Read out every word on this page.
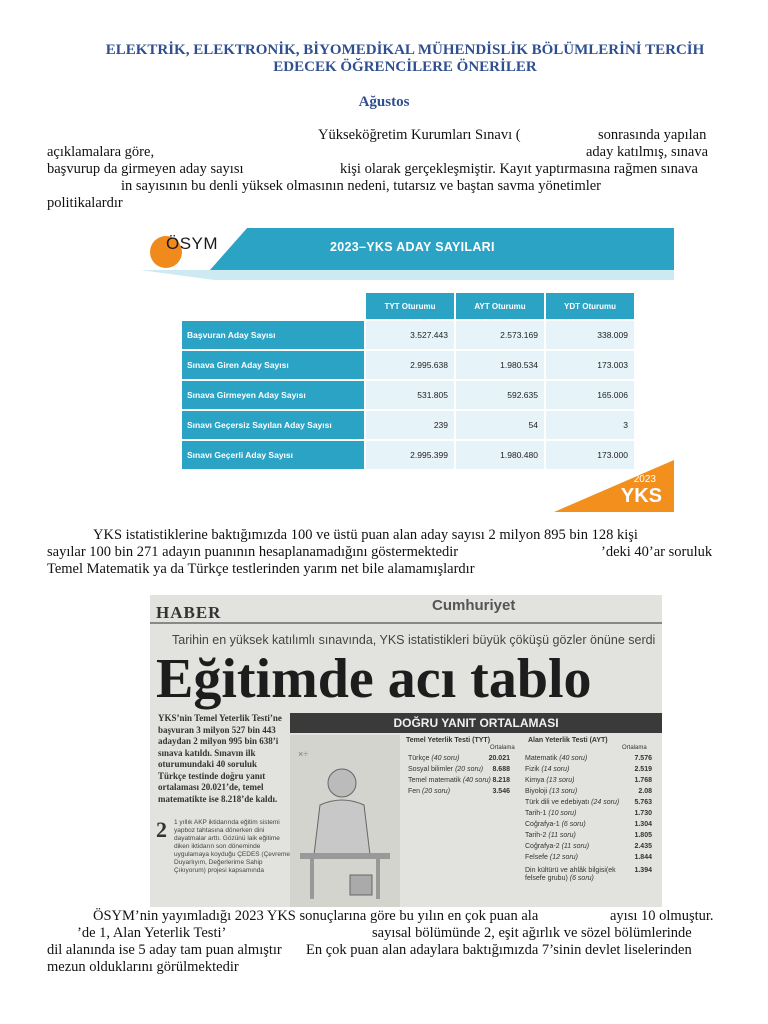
ELEKTRİK, ELEKTRONİK, BİYOMEDİKAL MÜHENDİSLİK BÖLÜMLERİNİ TERCİH EDECEK ÖĞRENCİLERE ÖNERİLER
Ağustos
Yükseköğretim Kurumları Sınavı (	sonrasında yapılan
açıklamalara göre,	aday katılmış, sınava
başvurup da girmeyen aday sayısı	kişi olarak gerçekleşmiştir. Kayıt yaptırmasına rağmen sınava
in sayısının bu denli yüksek olmasının nedeni, tutarsız ve baştan savma yönetimler
politikalardır
ÖSYM	2023–YKS ADAY SAYILARI
	TYT Oturumu	AYT Oturumu	YDT Oturumu
Başvuran Aday Sayısı	3.527.443	2.573.169	338.009
Sınava Giren Aday Sayısı	2.995.638	1.980.534	173.003
Sınava Girmeyen Aday Sayısı	531.805	592.635	165.006
Sınavı Geçersiz Sayılan Aday Sayısı	239	54	3
Sınavı Geçerli Aday Sayısı	2.995.399	1.980.480	173.000
2023
YKS
YKS istatistiklerine baktığımızda 100 ve üstü puan alan aday sayısı 2 milyon 895 bin 128 kişi
sayılar 100 bin 271 adayın puanının hesaplanamadığını göstermektedir	’deki 40’ar soruluk
Temel Matematik ya da Türkçe testlerinden yarım net bile alamamışlardır
HABER	Cumhuriyet
Tarihin en yüksek katılımlı sınavında, YKS istatistikleri büyük çöküşü gözler önüne serdi
Eğitimde acı tablo
YKS’nin Temel Yeterlik Testi’ne başvuran 3 milyon 527 bin 443 adaydan 2 milyon 995 bin 638’i sınava katıldı. Sınavın ilk oturumundaki 40 soruluk Türkçe testinde doğru yanıt ortalaması 20.021’de, temel matematikte ise 8.218’de kaldı.
2 1 yıllık AKP iktidarında eğitim sistemi yapboz tahtasına dönerken dini dayatmalar arttı. Gözünü laik eğitime diken iktidarın son döneminde uygulamaya koyduğu ÇEDES (Çevreme Duyarlıyım, Değerlerime Sahip Çıkıyorum) projesi kapsamında
DOĞRU YANIT ORTALAMASI
×÷
Temel Yeterlik Testi (TYT)
Ortalama
Türkçe (40 soru)	20.021
Sosyal bilimler (20 soru)	8.688
Temel matematik (40 soru) 8.218
Fen (20 soru)	3.546
Alan Yeterlik Testi (AYT)
Ortalama
Matematik (40 soru)	7.576
Fizik (14 soru)	2.519
Kimya (13 soru)	1.768
Biyoloji (13 soru)	2.08
Türk dili ve edebiyatı (24 soru)	5.763
Tarih-1 (10 soru)	1.730
Coğrafya-1 (6 soru)	1.304
Tarih-2 (11 soru)	1.805
Coğrafya-2 (11 soru)	2.435
Felsefe (12 soru)	1.844
Din kültürü ve ahlâk bilgisi(ek felsefe grubu) (6 soru)
1.394
ÖSYM’nin yayımladığı 2023 YKS sonuçlarına göre bu yılın en çok puan ala	ayısı 10 olmuştur.
’de 1, Alan Yeterlik Testi’	sayısal bölümünde 2, eşit ağırlık ve sözel bölümlerinde
dil alanında ise 5 aday tam puan almıştır En çok puan alan adaylara baktığımızda 7’sinin devlet liselerinden
mezun olduklarını görülmektedir
